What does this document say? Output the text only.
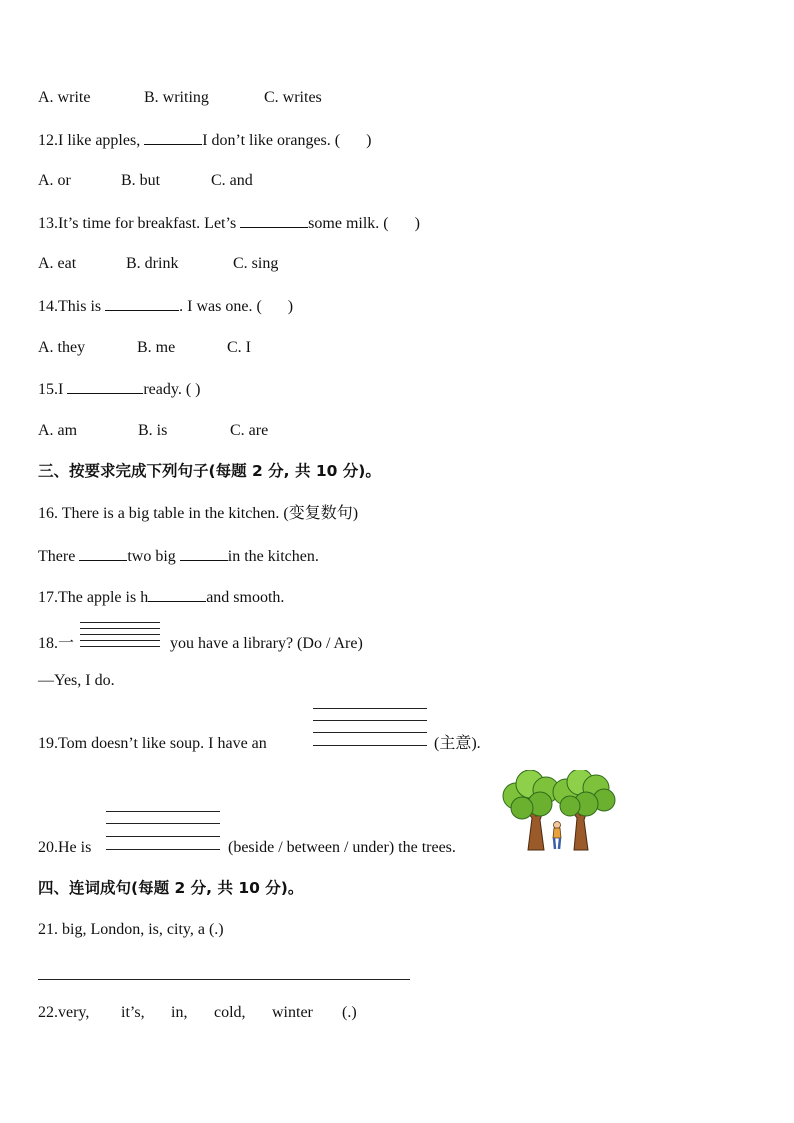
A. write	B. writing	C. writes
12.I like apples,	I don’t like oranges. ( )
A. or	B. but	C. and
13.It’s time for breakfast. Let’s	some milk. ( )
A. eat	B. drink	C. sing
14.This is	. I was one. ( )
A. they	B. me	C. I
15.I	ready. ( )
A. am	B. is	C. are
三、按要求完成下列句子(每题 2 分, 共 10 分)。
16. There is a big table in the kitchen. (变复数句)
There	two big	in the kitchen.
17.The apple is h	and smooth.
18.一	you have a library? (Do / Are)
—Yes, I do.
19.Tom doesn’t like soup. I have an	(主意).
20.He is	(beside / between / under) the trees.
四、连词成句(每题 2 分, 共 10 分)。
21. big, London, is, city, a (.)
22.very, it’s, in, cold, winter (.)
